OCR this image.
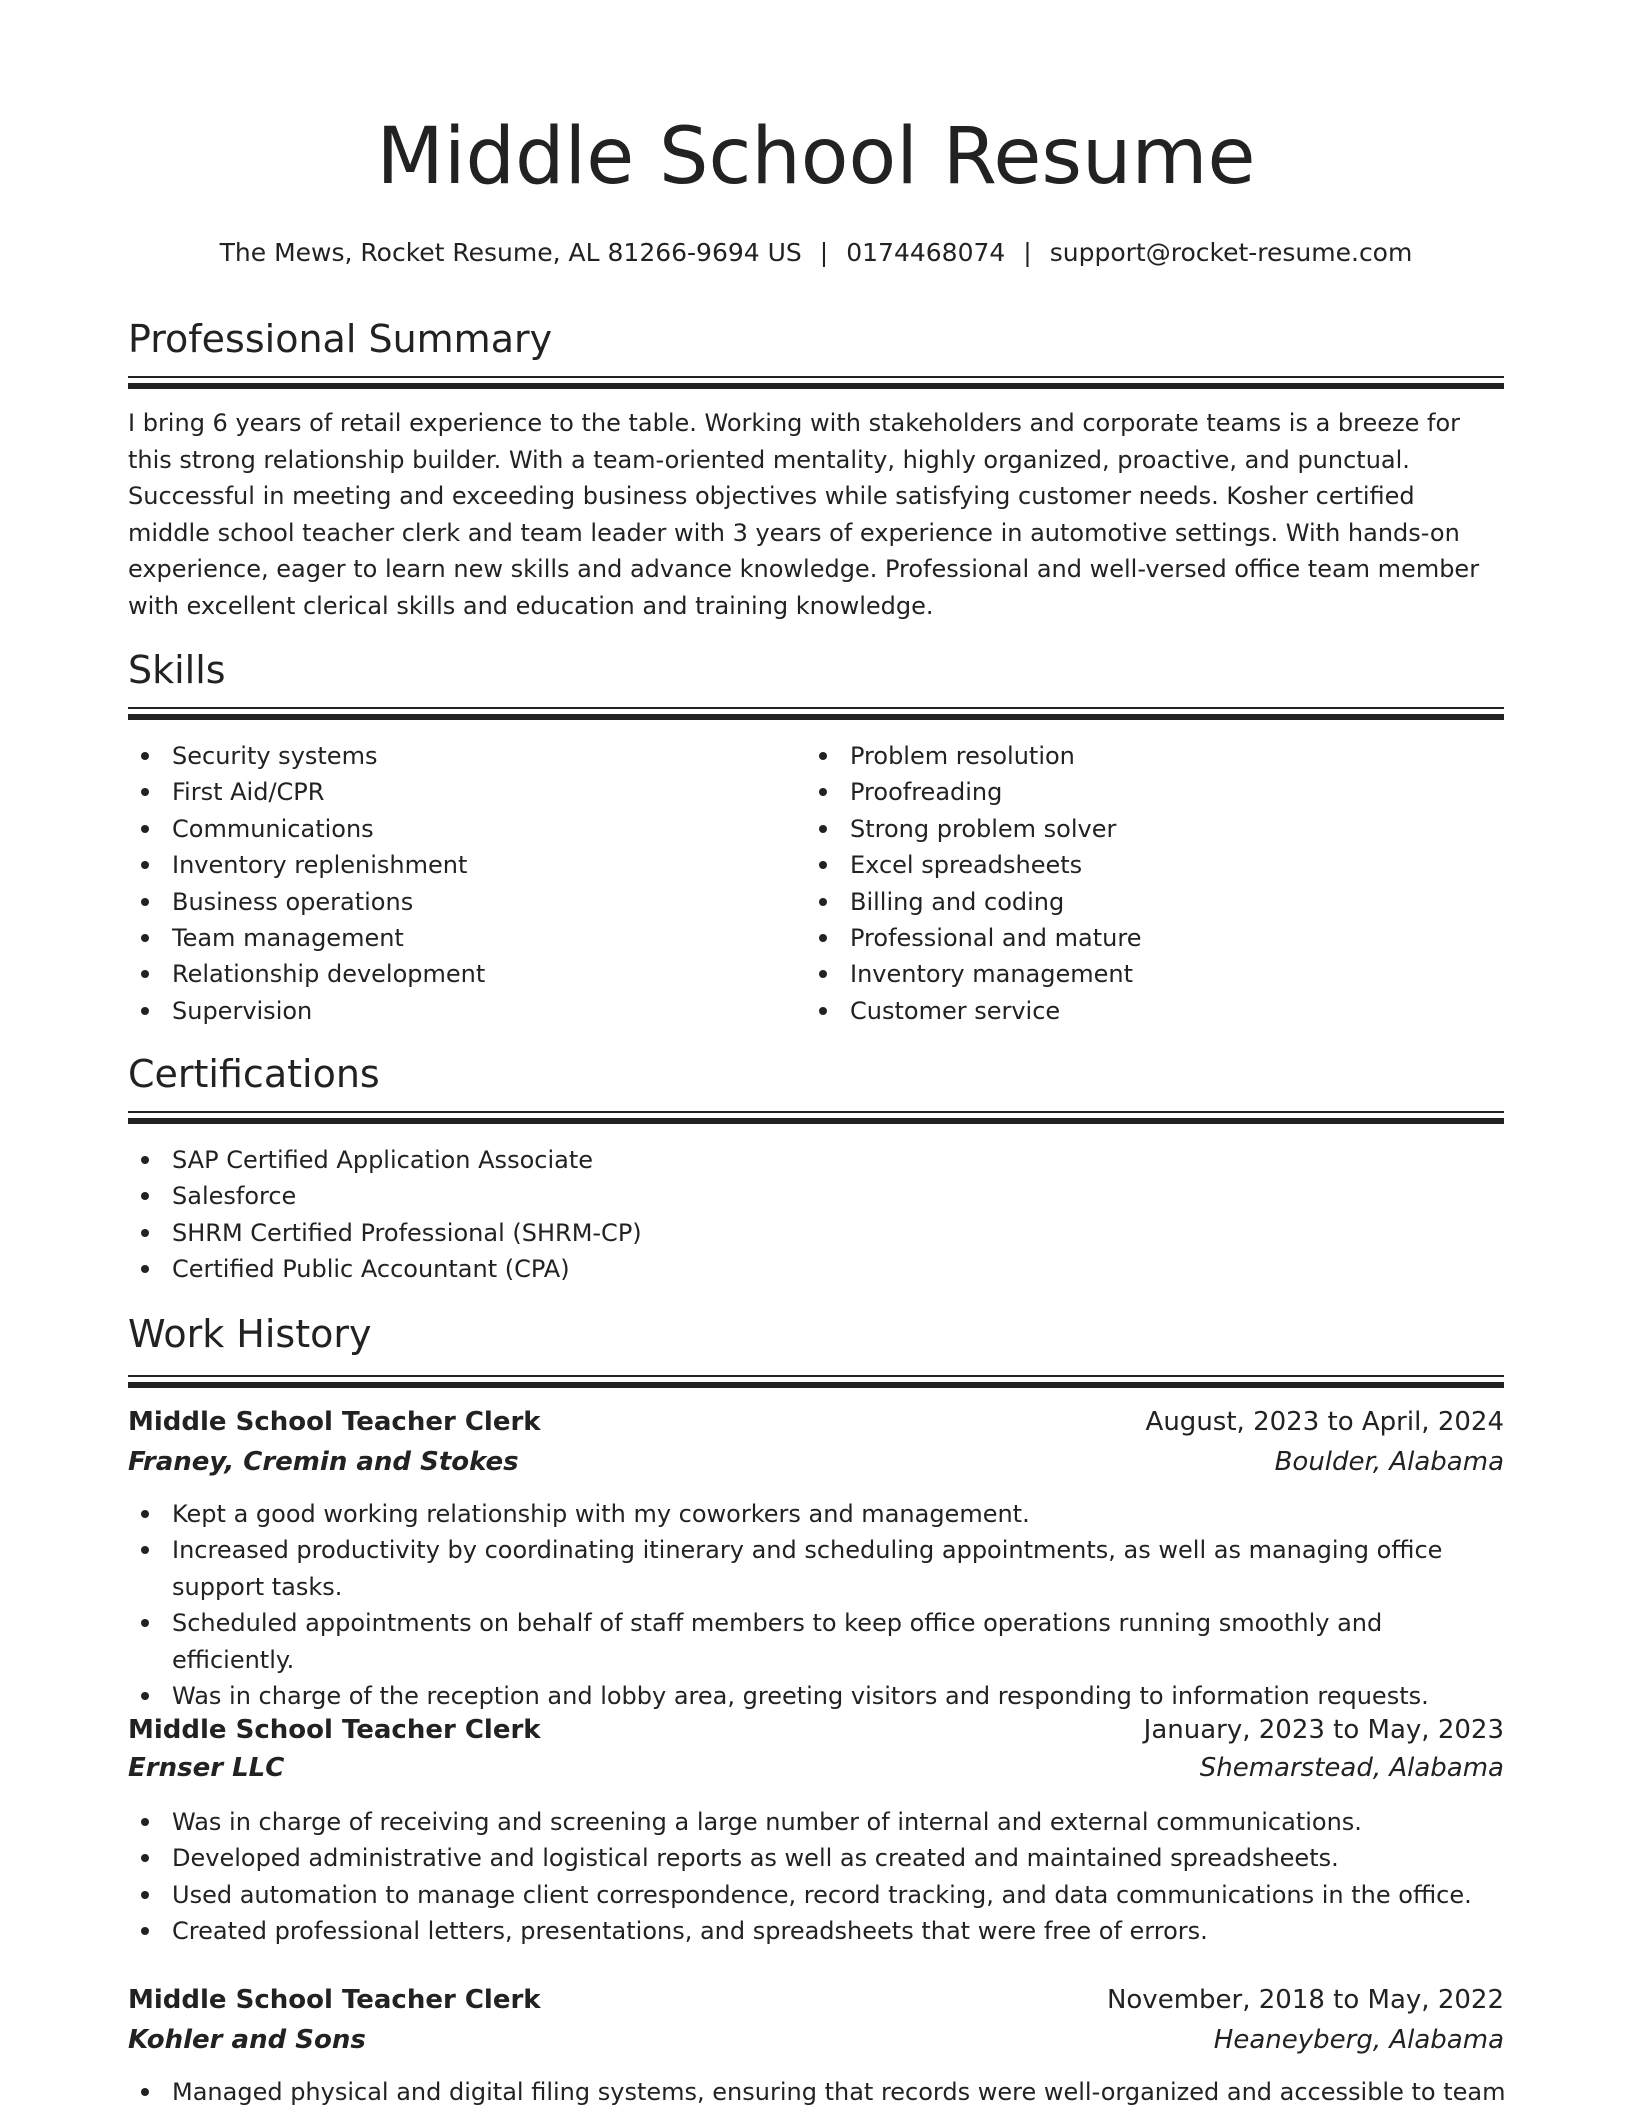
Middle School Resume
The Mews, Rocket Resume, AL 81266-9694 US | 0174468074 | support@rocket-resume.com
Professional Summary

I bring 6 years of retail experience to the table. Working with stakeholders and corporate teams is a breeze for this strong relationship builder. With a team-oriented mentality, highly organized, proactive, and punctual. Successful in meeting and exceeding business objectives while satisfying customer needs. Kosher certified middle school teacher clerk and team leader with 3 years of experience in automotive settings. With hands-on experience, eager to learn new skills and advance knowledge. Professional and well-versed office team member with excellent clerical skills and education and training knowledge.

Skills
Security systems
First Aid/CPR
Communications
Inventory replenishment
Business operations
Team management
Relationship development
Supervision
Problem resolution
Proofreading
Strong problem solver
Excel spreadsheets
Billing and coding
Professional and mature
Inventory management
Customer service
Certifications
SAP Certified Application Associate
Salesforce
SHRM Certified Professional (SHRM-CP)
Certified Public Accountant (CPA)
Work History
Middle School Teacher Clerk	August, 2023 to April, 2024
Franey, Cremin and Stokes	Boulder, Alabama
Kept a good working relationship with my coworkers and management.
Increased productivity by coordinating itinerary and scheduling appointments, as well as managing office support tasks.
Scheduled appointments on behalf of staff members to keep office operations running smoothly and efficiently.
Was in charge of the reception and lobby area, greeting visitors and responding to information requests.
Middle School Teacher Clerk	January, 2023 to May, 2023
Ernser LLC	Shemarstead, Alabama
Was in charge of receiving and screening a large number of internal and external communications.
Developed administrative and logistical reports as well as created and maintained spreadsheets.
Used automation to manage client correspondence, record tracking, and data communications in the office.
Created professional letters, presentations, and spreadsheets that were free of errors.
Middle School Teacher Clerk	November, 2018 to May, 2022
Kohler and Sons	Heaneyberg, Alabama
Managed physical and digital filing systems, ensuring that records were well-organized and accessible to team
